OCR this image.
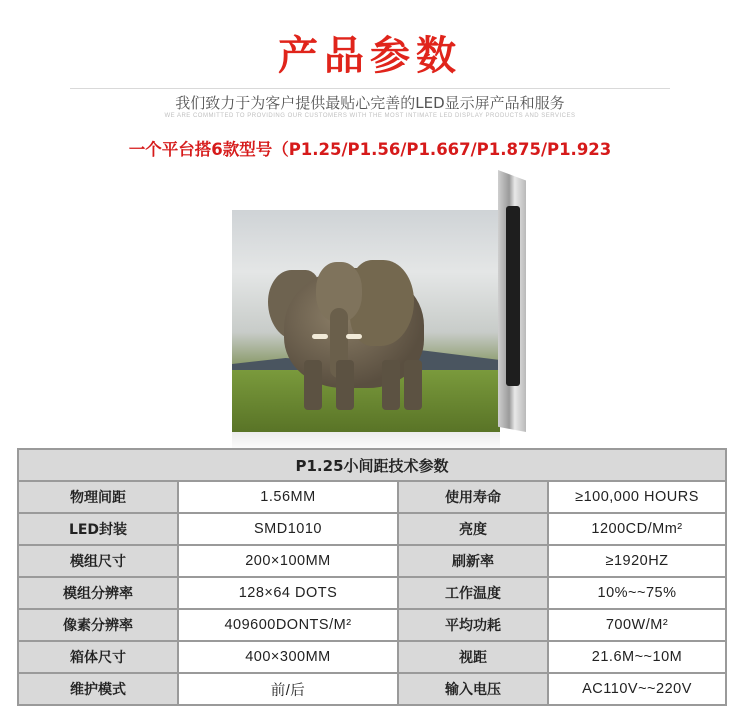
产品参数
我们致力于为客户提供最贴心完善的LED显示屏产品和服务
WE ARE COMMITTED TO PROVIDING OUR CUSTOMERS WITH THE MOST INTIMATE LED DISPLAY PRODUCTS AND SERVICES
一个平台搭6款型号（P1.25/P1.56/P1.667/P1.875/P1.923
P1.25小间距技术参数			
物理间距	1.56MM	使用寿命	≥100,000 HOURS
LED封装	SMD1010	亮度	1200CD/Mm²
模组尺寸	200×100MM	刷新率	≥1920HZ
模组分辨率	128×64 DOTS	工作温度	10%~~75%
像素分辨率	409600DONTS/M²	平均功耗	700W/M²
箱体尺寸	400×300MM	视距	21.6M~~10M
维护模式	前/后	输入电压	AC110V~~220V
